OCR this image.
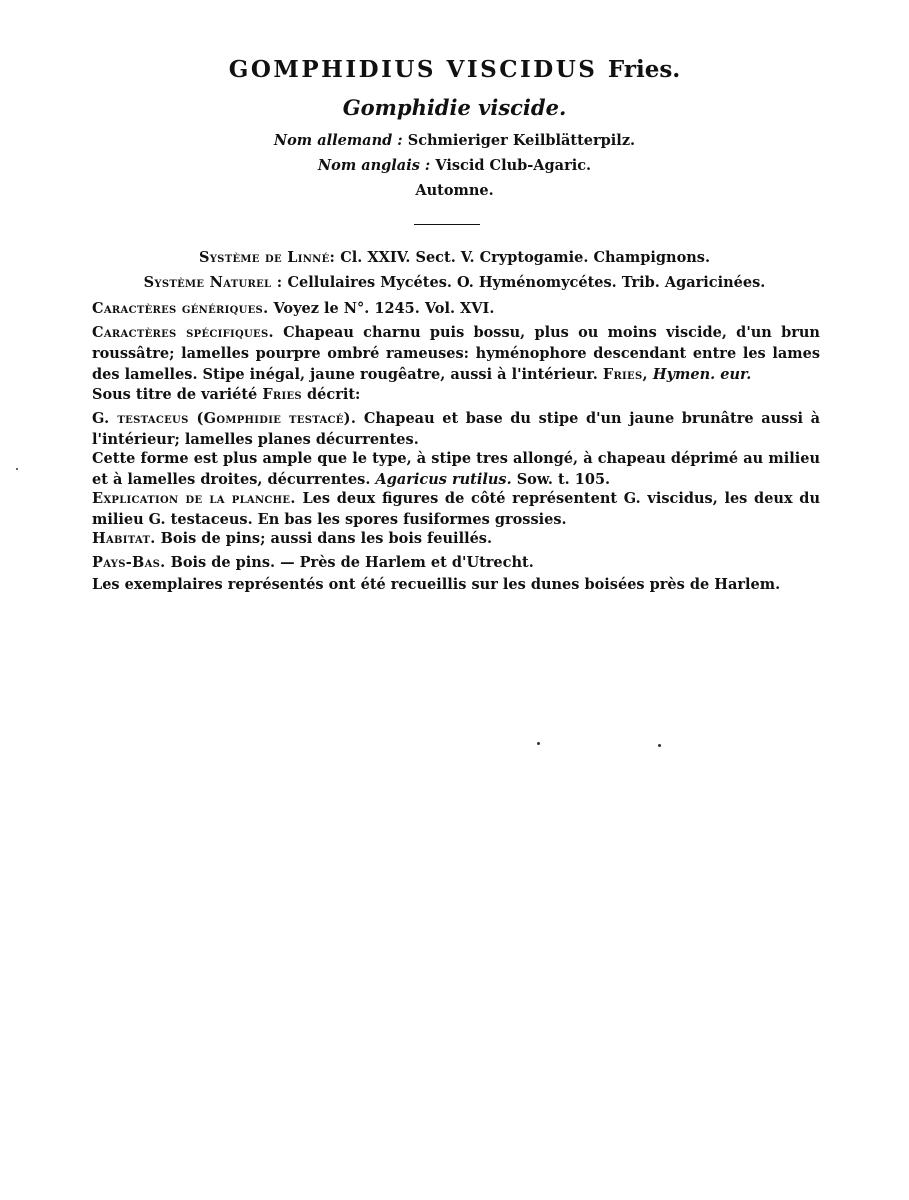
GOMPHIDIUS VISCIDUS Fries.
Gomphidie viscide.
Nom allemand : Schmieriger Keilblätterpilz.
Nom anglais : Viscid Club-Agaric.
Automne.
Système de Linné: Cl. XXIV. Sect. V. Cryptogamie. Champignons.
Système Naturel : Cellulaires Mycétes. O. Hyménomycétes. Trib. Agaricinées.

Caractères génériques. Voyez le N°. 1245. Vol. XVI.

Caractères spécifiques. Chapeau charnu puis bossu, plus ou moins viscide, d'un brun roussâtre; lamelles pourpre ombré rameuses: hyménophore descendant entre les lames des lamelles. Stipe inégal, jaune rougêatre, aussi à l'intérieur. Fries, Hymen. eur.

Sous titre de variété Fries décrit:

G. testaceus (Gomphidie testacé). Chapeau et base du stipe d'un jaune brunâtre aussi à l'intérieur; lamelles planes décurrentes.

Cette forme est plus ample que le type, à stipe tres allongé, à chapeau déprimé au milieu et à lamelles droites, décurrentes. Agaricus rutilus. Sow. t. 105.

Explication de la planche. Les deux figures de côté représentent G. viscidus, les deux du milieu G. testaceus. En bas les spores fusiformes grossies.

Habitat. Bois de pins; aussi dans les bois feuillés.

Pays-Bas. Bois de pins. — Près de Harlem et d'Utrecht.

Les exemplaires représentés ont été recueillis sur les dunes boisées près de Harlem.
